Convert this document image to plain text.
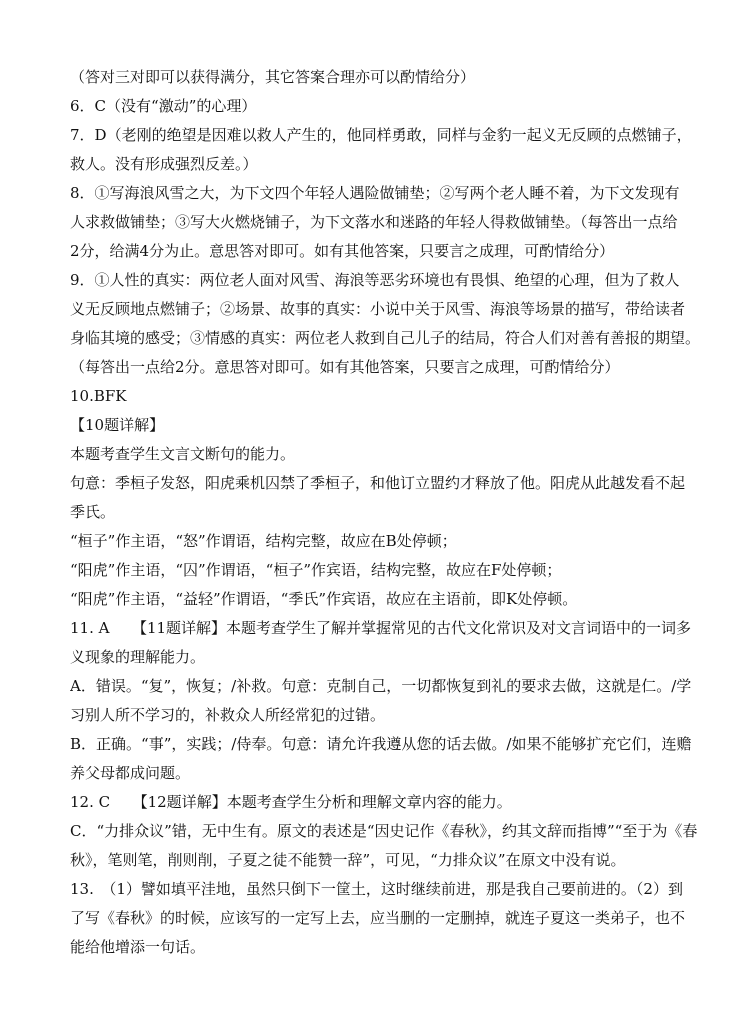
（答对三对即可以获得满分，其它答案合理亦可以酌情给分）
6．C（没有“激动”的心理）
7．D（老刚的绝望是因难以救人产生的，他同样勇敢，同样与金豹一起义无反顾的点燃铺子，
救人。没有形成强烈反差。）
8．①写海浪风雪之大，为下文四个年轻人遇险做铺垫；②写两个老人睡不着，为下文发现有
人求救做铺垫；③写大火燃烧铺子，为下文落水和迷路的年轻人得救做铺垫。（每答出一点给
2分，给满4分为止。意思答对即可。如有其他答案，只要言之成理，可酌情给分）
9．①人性的真实：两位老人面对风雪、海浪等恶劣环境也有畏惧、绝望的心理，但为了救人
义无反顾地点燃铺子；②场景、故事的真实：小说中关于风雪、海浪等场景的描写，带给读者
身临其境的感受；③情感的真实：两位老人救到自己儿子的结局，符合人们对善有善报的期望。
（每答出一点给2分。意思答对即可。如有其他答案，只要言之成理，可酌情给分）
10.BFK
【10题详解】
本题考查学生文言文断句的能力。
句意：季桓子发怒，阳虎乘机囚禁了季桓子，和他订立盟约才释放了他。阳虎从此越发看不起
季氏。
“桓子”作主语，“怒”作谓语，结构完整，故应在B处停顿；
“阳虎”作主语，“囚”作谓语，“桓子”作宾语，结构完整，故应在F处停顿；
“阳虎”作主语，“益轻”作谓语，“季氏”作宾语，故应在主语前，即K处停顿。
11. A　　【11题详解】本题考查学生了解并掌握常见的古代文化常识及对文言词语中的一词多
义现象的理解能力。
A．错误。“复”，恢复；/补救。句意：克制自己，一切都恢复到礼的要求去做，这就是仁。/学
习别人所不学习的，补救众人所经常犯的过错。
B．正确。“事”，实践；/侍奉。句意：请允许我遵从您的话去做。/如果不能够扩充它们，连赡
养父母都成问题。
12. C　　【12题详解】本题考查学生分析和理解文章内容的能力。
C．“力排众议”错，无中生有。原文的表述是“因史记作《春秋》，约其文辞而指博”“至于为《春
秋》，笔则笔，削则削，子夏之徒不能赞一辞”，可见，“力排众议”在原文中没有说。
13.　（1）譬如填平洼地，虽然只倒下一筐土，这时继续前进，那是我自己要前进的。（2）到
了写《春秋》的时候，应该写的一定写上去，应当删的一定删掉，就连子夏这一类弟子，也不
能给他增添一句话。
